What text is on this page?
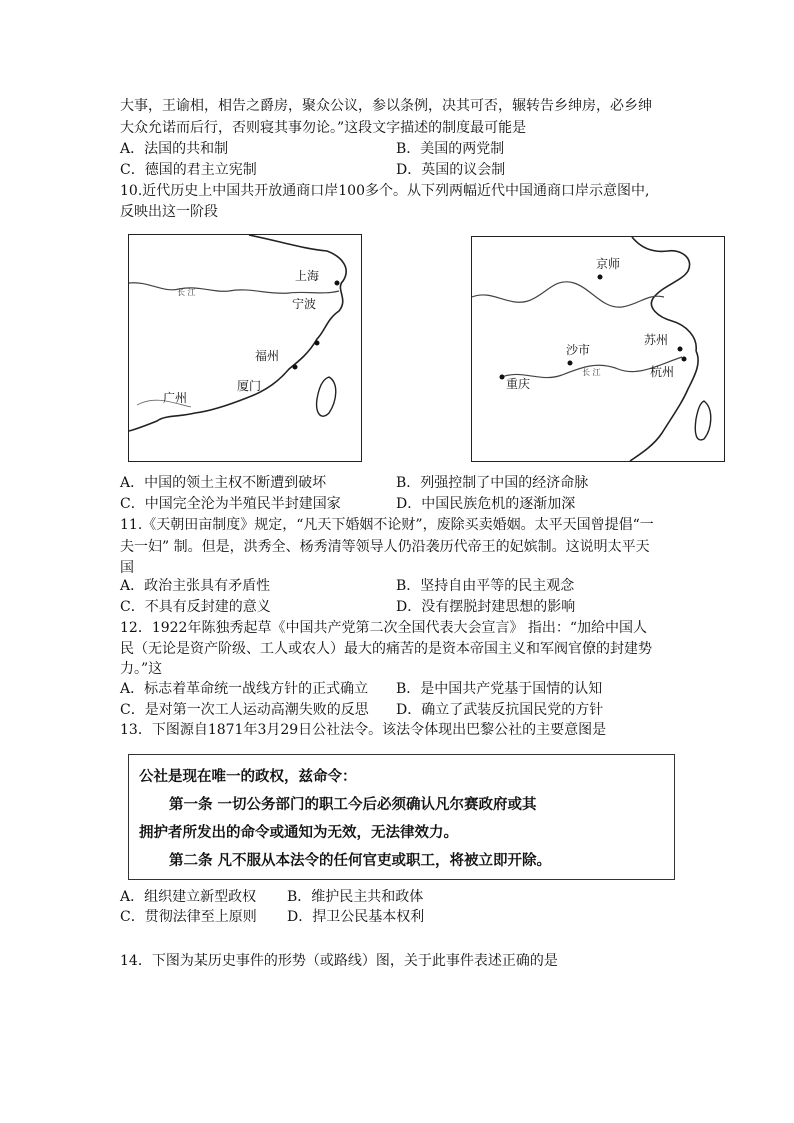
大事，王谕相，相告之爵房，聚众公议，参以条例，决其可否，辗转告乡绅房，必乡绅
大众允诺而后行，否则寝其事勿论。”这段文字描述的制度最可能是
A．法国的共和制	B．美国的两党制
C．德国的君主立宪制	D．英国的议会制
10.近代历史上中国共开放通商口岸100多个。从下列两幅近代中国通商口岸示意图中,
反映出这一阶段
上海
宁波
福州
厦门
广州
长 江
京师
沙市
苏州
杭州
重庆
长 江
A．中国的领土主权不断遭到破坏	B．列强控制了中国的经济命脉
C．中国完全沦为半殖民半封建国家	D．中国民族危机的逐渐加深
11.《天朝田亩制度》规定，“凡天下婚姻不论财”，废除买卖婚姻。太平天国曾提倡“一
夫一妇” 制。但是，洪秀全、杨秀清等领导人仍沿袭历代帝王的妃嫔制。这说明太平天
国
A．政治主张具有矛盾性	B．坚持自由平等的民主观念
C．不具有反封建的意义	D．没有摆脱封建思想的影响
12．1922年陈独秀起草《中国共产党第二次全国代表大会宣言》 指出：“加给中国人
民（无论是资产阶级、工人或农人）最大的痛苦的是资本帝国主义和军阀官僚的封建势
力。”这
A．标志着革命统一战线方针的正式确立 B．是中国共产党基于国情的认知
C．是对第一次工人运动高潮失败的反思 D．确立了武装反抗国民党的方针
13．下图源自1871年3月29日公社法令。该法令体现出巴黎公社的主要意图是
公社是现在唯一的政权，兹命令：
第一条 一切公务部门的职工今后必须确认凡尔赛政府或其
拥护者所发出的命令或通知为无效，无法律效力。
第二条 凡不服从本法令的任何官吏或职工，将被立即开除。
A．组织建立新型政权 B．维护民主共和政体
C．贯彻法律至上原则 D．捍卫公民基本权利
14．下图为某历史事件的形势（或路线）图，关于此事件表述正确的是
